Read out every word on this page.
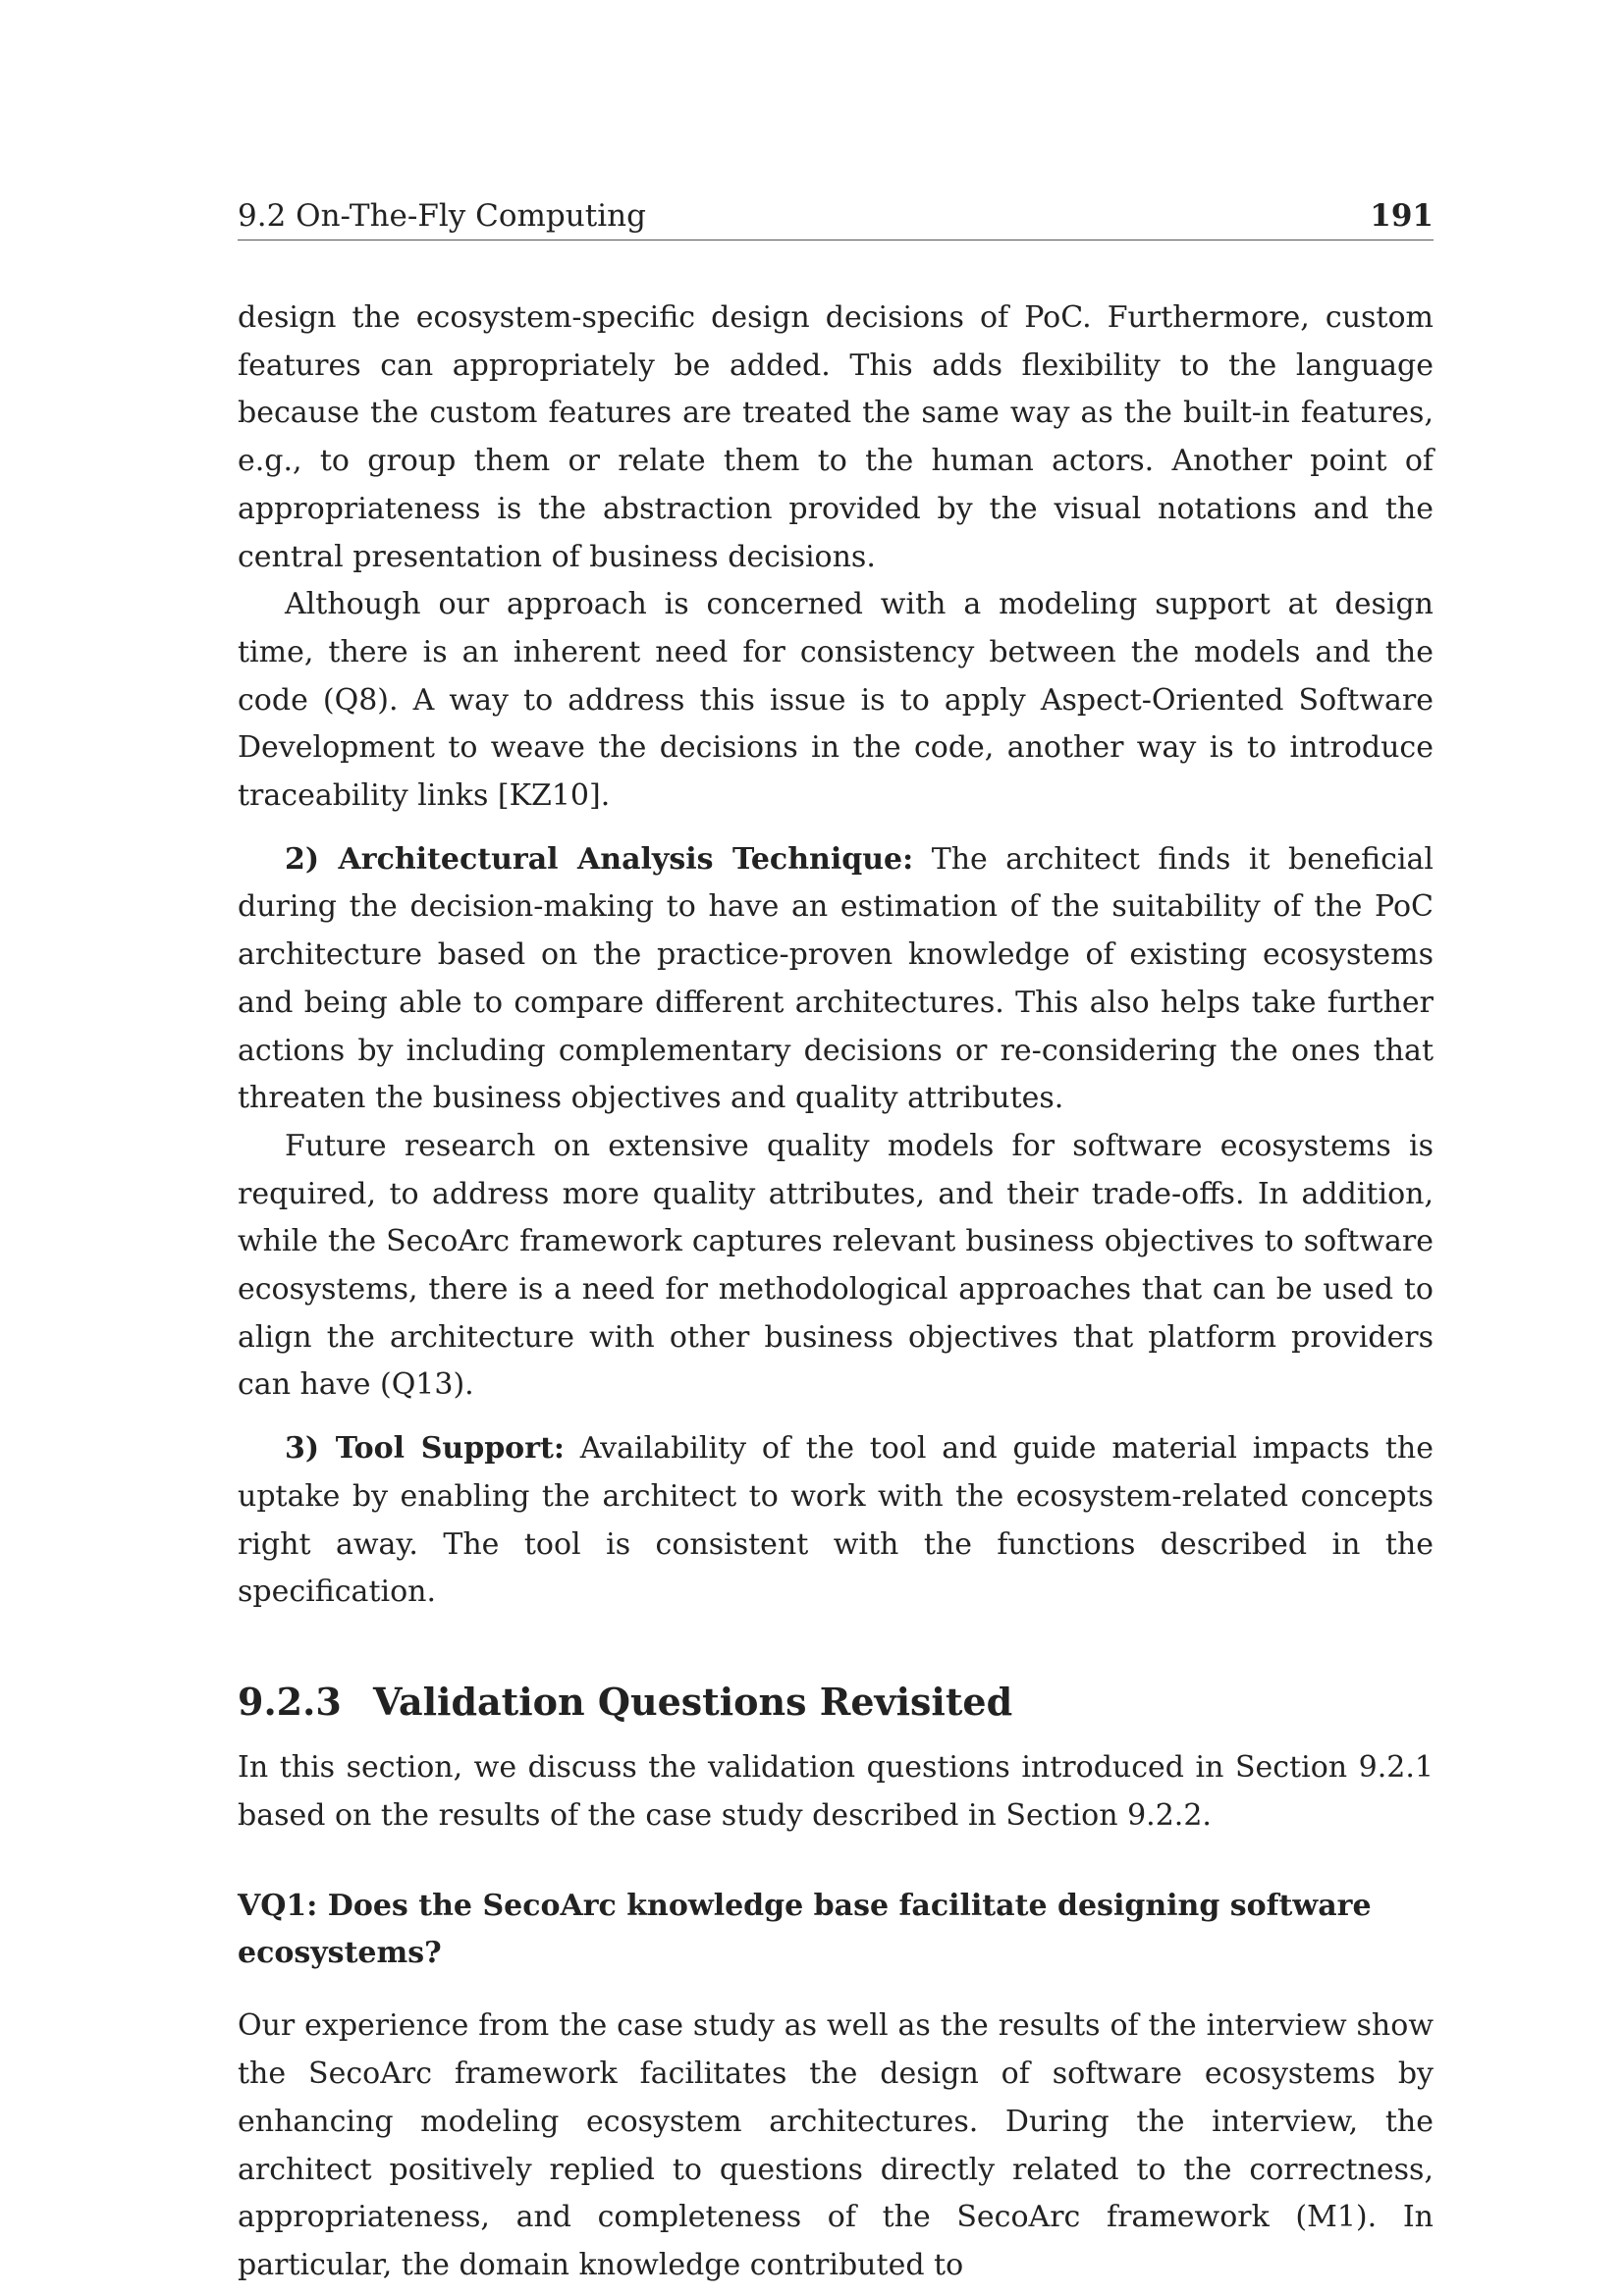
9.2 On-The-Fly Computing	191

design the ecosystem-specific design decisions of PoC. Furthermore, custom features can appropriately be added. This adds flexibility to the language because the custom features are treated the same way as the built-in features, e.g., to group them or relate them to the human actors. Another point of appropriateness is the abstraction provided by the visual notations and the central presentation of business decisions.

Although our approach is concerned with a modeling support at design time, there is an inherent need for consistency between the models and the code (Q8). A way to address this issue is to apply Aspect-Oriented Software Development to weave the decisions in the code, another way is to introduce traceability links [KZ10].

2) Architectural Analysis Technique: The architect finds it beneficial during the decision-making to have an estimation of the suitability of the PoC architecture based on the practice-proven knowledge of existing ecosystems and being able to compare different architectures. This also helps take further actions by including complementary decisions or re-considering the ones that threaten the business objectives and quality attributes.

Future research on extensive quality models for software ecosystems is required, to address more quality attributes, and their trade-offs. In addition, while the SecoArc framework captures relevant business objectives to software ecosystems, there is a need for methodological approaches that can be used to align the architecture with other business objectives that platform providers can have (Q13).

3) Tool Support: Availability of the tool and guide material impacts the uptake by enabling the architect to work with the ecosystem-related concepts right away. The tool is consistent with the functions described in the specification.

9.2.3 Validation Questions Revisited

In this section, we discuss the validation questions introduced in Section 9.2.1 based on the results of the case study described in Section 9.2.2.

VQ1: Does the SecoArc knowledge base facilitate designing software ecosystems?

Our experience from the case study as well as the results of the interview show the SecoArc framework facilitates the design of software ecosystems by enhancing modeling ecosystem architectures. During the interview, the architect positively replied to questions directly related to the correctness, appropriateness, and completeness of the SecoArc framework (M1). In particular, the domain knowledge contributed to
